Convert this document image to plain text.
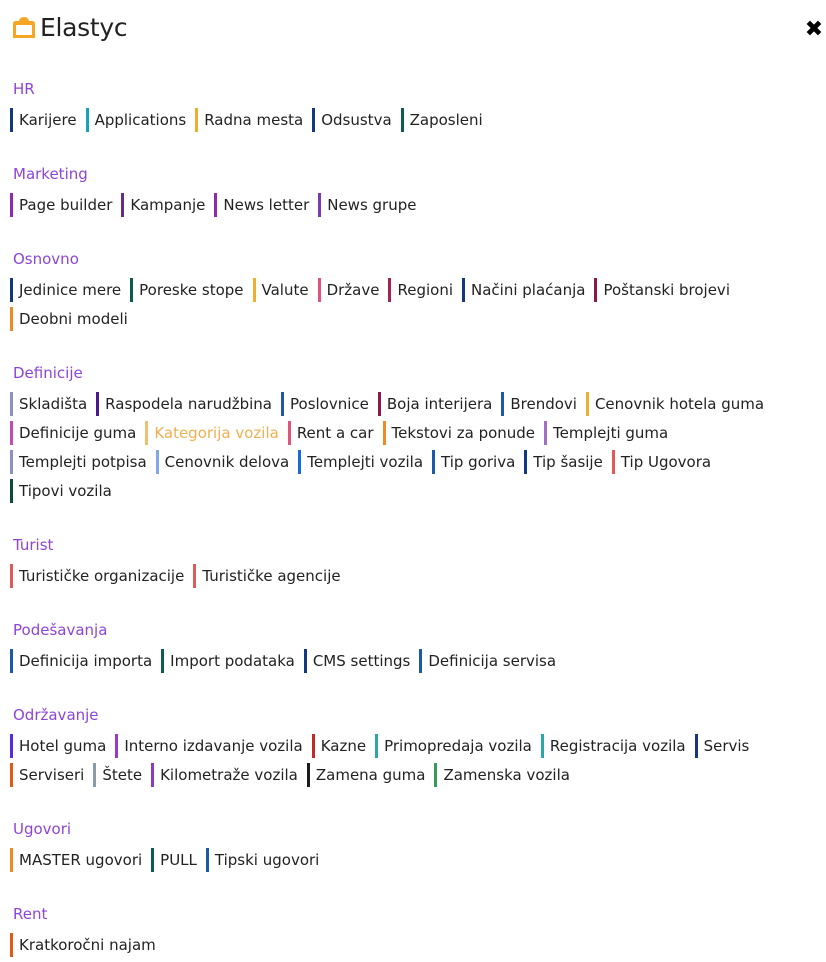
Elastyc	✖
HR
Karijere	Applications	Radna mesta	Odsustva	Zaposleni
Marketing
Page builder	Kampanje	News letter	News grupe
Osnovno
Jedinice mere	Poreske stope	Valute	Države	Regioni	Načini plaćanja	Poštanski brojevi
Deobni modeli
Definicije
Skladišta	Raspodela narudžbina	Poslovnice	Boja interijera	Brendovi	Cenovnik hotela guma
Definicije guma	Kategorija vozila	Rent a car	Tekstovi za ponude	Templejti guma
Templejti potpisa	Cenovnik delova	Templejti vozila	Tip goriva	Tip šasije	Tip Ugovora
Tipovi vozila
Turist
Turističke organizacije	Turističke agencije
Podešavanja
Definicija importa	Import podataka	CMS settings	Definicija servisa
Održavanje
Hotel guma	Interno izdavanje vozila	Kazne	Primopredaja vozila	Registracija vozila	Servis
Serviseri	Štete	Kilometraže vozila	Zamena guma	Zamenska vozila
Ugovori
MASTER ugovori	PULL	Tipski ugovori
Rent
Kratkoročni najam
